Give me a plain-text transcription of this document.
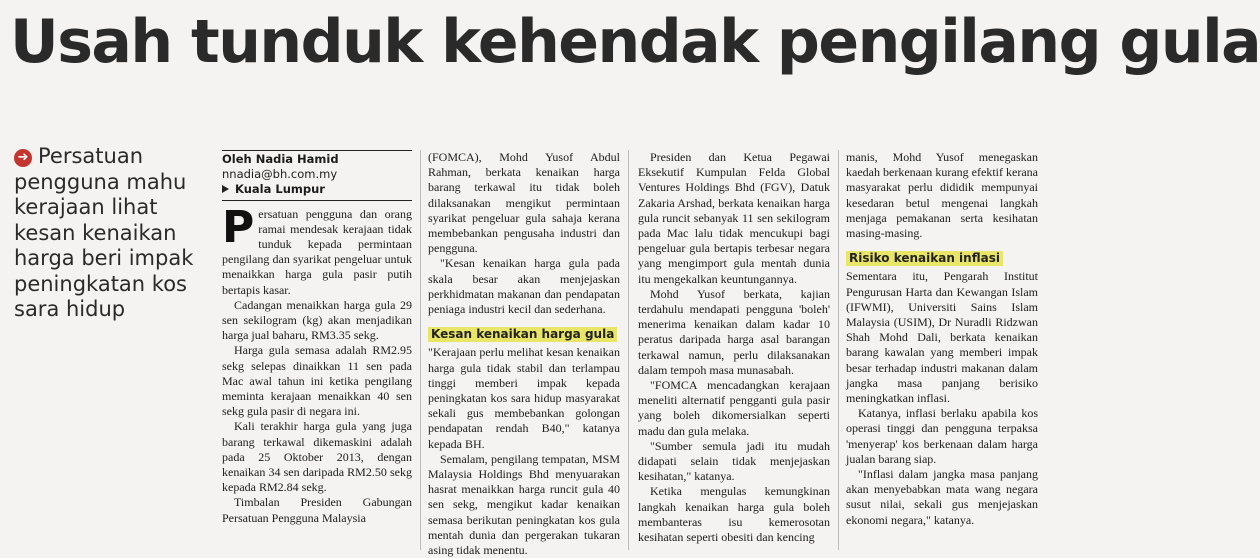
Usah tunduk kehendak pengilang gula
➜ Persatuan pengguna mahu kerajaan lihat kesan kenaikan harga beri impak peningkatan kos sara hidup
Oleh Nadia Hamid
nnadia@bh.com.my
Kuala Lumpur

Persatuan pengguna dan orang ramai mendesak kerajaan tidak tunduk kepada permintaan pengilang dan syarikat pengeluar untuk menaikkan harga gula pasir putih bertapis kasar.

Cadangan menaikkan harga gula 29 sen sekilogram (kg) akan menjadikan harga jual baharu, RM3.35 sekg.

Harga gula semasa adalah RM2.95 sekg selepas dinaikkan 11 sen pada Mac awal tahun ini ketika pengilang meminta kerajaan menaikkan 40 sen sekg gula pasir di negara ini.

Kali terakhir harga gula yang juga barang terkawal dikemaskini adalah pada 25 Oktober 2013, dengan kenaikan 34 sen daripada RM2.50 sekg kepada RM2.84 sekg.

Timbalan Presiden Gabungan Persatuan Pengguna Malaysia

(FOMCA), Mohd Yusof Abdul Rahman, berkata kenaikan harga barang terkawal itu tidak boleh dilaksanakan mengikut permintaan syarikat pengeluar gula sahaja kerana membebankan pengusaha industri dan pengguna.

"Kesan kenaikan harga gula pada skala besar akan menjejaskan perkhidmatan makanan dan pendapatan peniaga industri kecil dan sederhana.

Kesan kenaikan harga gula

"Kerajaan perlu melihat kesan kenaikan harga gula tidak stabil dan terlampau tinggi memberi impak kepada peningkatan kos sara hidup masyarakat sekali gus membebankan golongan pendapatan rendah B40," katanya kepada BH.

Semalam, pengilang tempatan, MSM Malaysia Holdings Bhd menyuarakan hasrat menaikkan harga runcit gula 40 sen sekg, mengikut kadar kenaikan semasa berikutan peningkatan kos gula mentah dunia dan pergerakan tukaran asing tidak menentu.

Presiden dan Ketua Pegawai Eksekutif Kumpulan Felda Global Ventures Holdings Bhd (FGV), Datuk Zakaria Arshad, berkata kenaikan harga gula runcit sebanyak 11 sen sekilogram pada Mac lalu tidak mencukupi bagi pengeluar gula bertapis terbesar negara yang mengimport gula mentah dunia itu mengekalkan keuntungannya.

Mohd Yusof berkata, kajian terdahulu mendapati pengguna 'boleh' menerima kenaikan dalam kadar 10 peratus daripada harga asal barangan terkawal namun, perlu dilaksanakan dalam tempoh masa munasabah.

"FOMCA mencadangkan kerajaan meneliti alternatif pengganti gula pasir yang boleh dikomersialkan seperti madu dan gula melaka.

"Sumber semula jadi itu mudah didapati selain tidak menjejaskan kesihatan," katanya.

Ketika mengulas kemungkinan langkah kenaikan harga gula boleh membanteras isu kemerosotan kesihatan seperti obesiti dan kencing

manis, Mohd Yusof menegaskan kaedah berkenaan kurang efektif kerana masyarakat perlu dididik mempunyai kesedaran betul mengenai langkah menjaga pemakanan serta kesihatan masing-masing.

Risiko kenaikan inflasi

Sementara itu, Pengarah Institut Pengurusan Harta dan Kewangan Islam (IFWMI), Universiti Sains Islam Malaysia (USIM), Dr Nuradli Ridzwan Shah Mohd Dali, berkata kenaikan barang kawalan yang memberi impak besar terhadap industri makanan dalam jangka masa panjang berisiko meningkatkan inflasi.

Katanya, inflasi berlaku apabila kos operasi tinggi dan pengguna terpaksa 'menyerap' kos berkenaan dalam harga jualan barang siap.

"Inflasi dalam jangka masa panjang akan menyebabkan mata wang negara susut nilai, sekali gus menjejaskan ekonomi negara," katanya.
